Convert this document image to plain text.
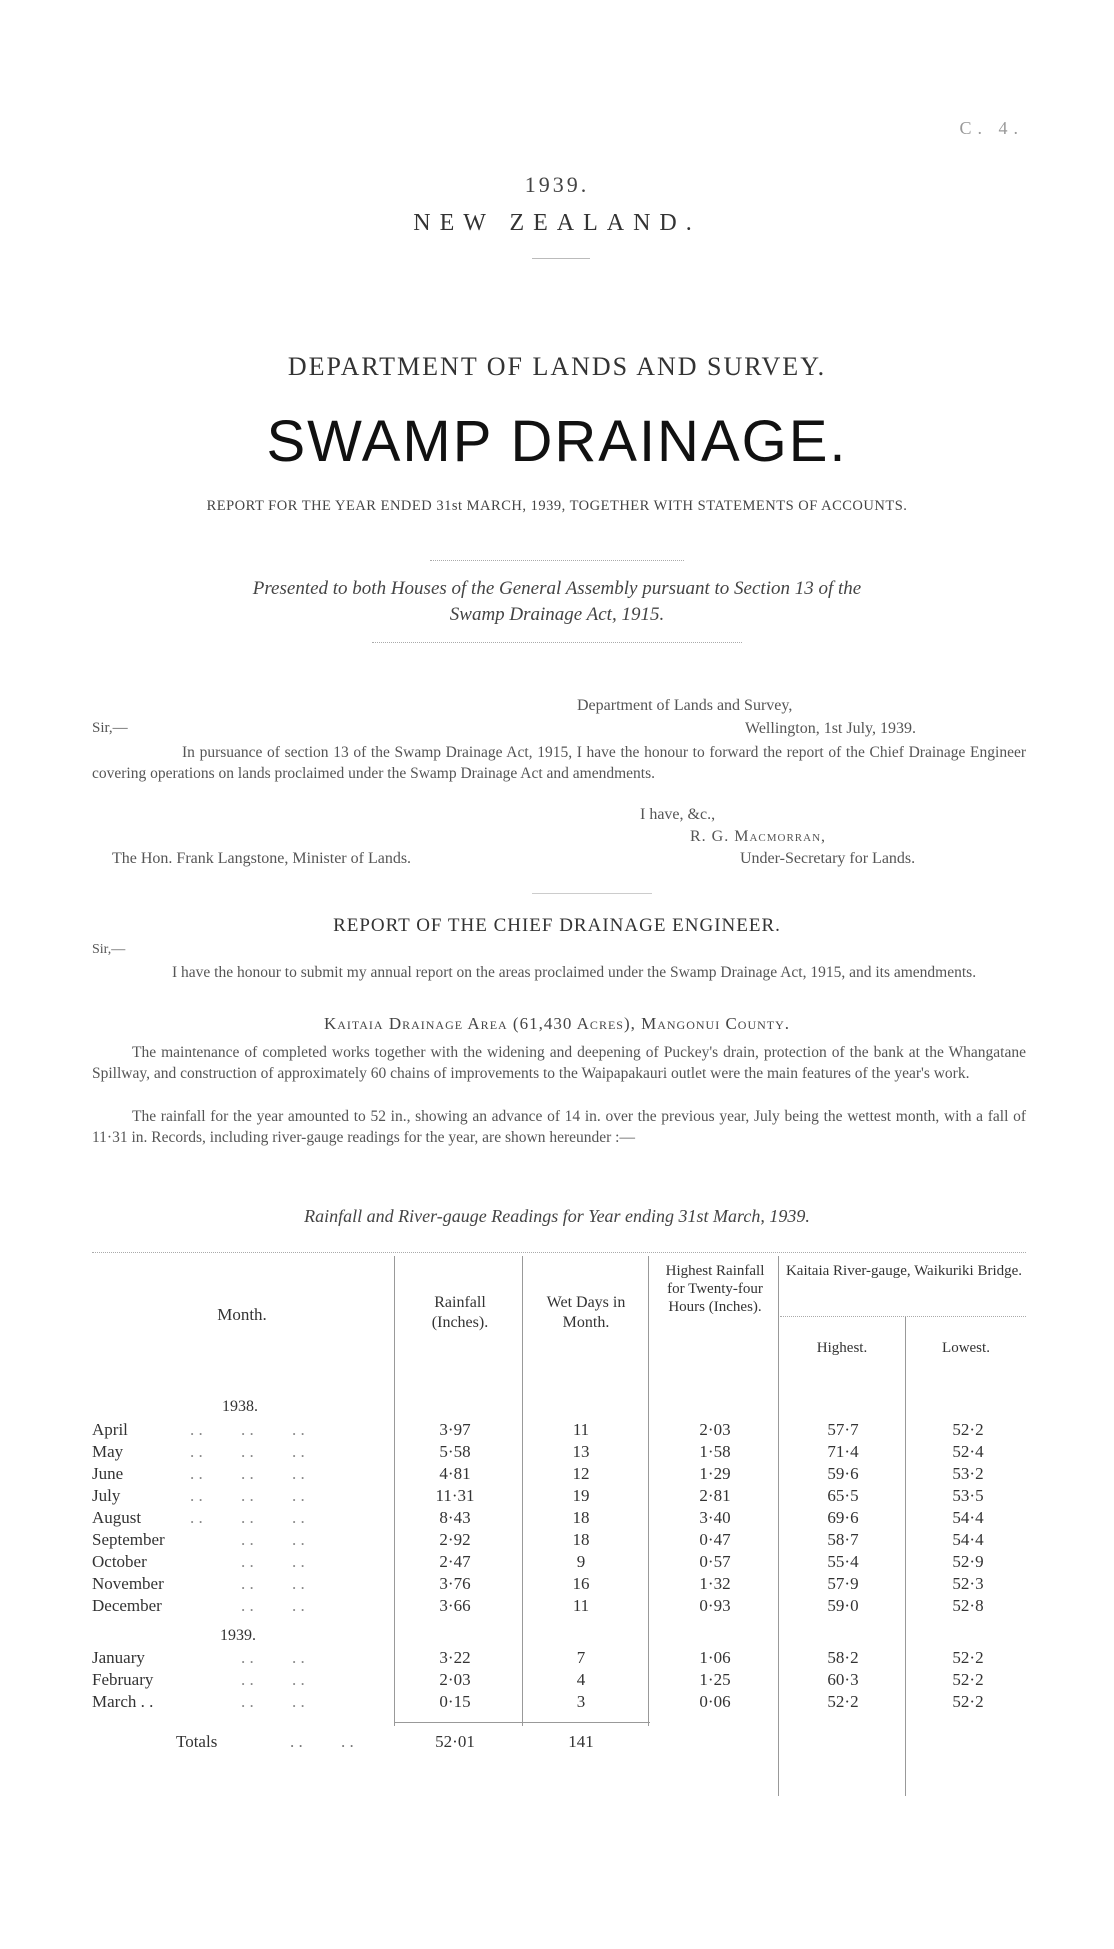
C. 4.
1939.
NEW ZEALAND.
DEPARTMENT OF LANDS AND SURVEY.
SWAMP DRAINAGE.
REPORT FOR THE YEAR ENDED 31st MARCH, 1939, TOGETHER WITH STATEMENTS OF ACCOUNTS.
Presented to both Houses of the General Assembly pursuant to Section 13 of the
Swamp Drainage Act, 1915.
Department of Lands and Survey,
Sir,—	Wellington, 1st July, 1939.

In pursuance of section 13 of the Swamp Drainage Act, 1915, I have the honour to forward the report of the Chief Drainage Engineer covering operations on lands proclaimed under the Swamp Drainage Act and amendments.

I have, &c.,
R. G. Macmorran,
The Hon. Frank Langstone, Minister of Lands.	Under-Secretary for Lands.
REPORT OF THE CHIEF DRAINAGE ENGINEER.
Sir,—

I have the honour to submit my annual report on the areas proclaimed under the Swamp Drainage Act, 1915, and its amendments.

Kaitaia Drainage Area (61,430 Acres), Mangonui County.

The maintenance of completed works together with the widening and deepening of Puckey's drain, protection of the bank at the Whangatane Spillway, and construction of approximately 60 chains of improvements to the Waipapakauri outlet were the main features of the year's work.

The rainfall for the year amounted to 52 in., showing an advance of 14 in. over the previous year, July being the wettest month, with a fall of 11·31 in. Records, including river-gauge readings for the year, are shown hereunder :—

Rainfall and River-gauge Readings for Year ending 31st March, 1939.
Month.
Rainfall (Inches).
Wet Days in Month.
Highest Rainfall for Twenty-four Hours (Inches).
Kaitaia River-gauge, Waikuriki Bridge.
Highest.	Lowest.
1938.
1939.
April	. .         . .         . .	3·97	11	2·03	57·7	52·2
May	. .         . .         . .	5·58	13	1·58	71·4	52·4
June	. .         . .         . .	4·81	12	1·29	59·6	53·2
July	. .         . .         . .	11·31	19	2·81	65·5	53·5
August	. .         . .         . .	8·43	18	3·40	69·6	54·4
September . .         . .	2·92	18	0·47	58·7	54·4
October	. .         . .	2·47	9	0·57	55·4	52·9
November . .         . .	3·76	16	1·32	57·9	52·3
December . .         . .	3·66	11	0·93	59·0	52·8
January	. .         . .	3·22	7	1·06	58·2	52·2
February . .         . .	2·03	4	1·25	60·3	52·2
March . . . .         . .	0·15	3	0·06	52·2	52·2
Totals	. .         . .	52·01	141
